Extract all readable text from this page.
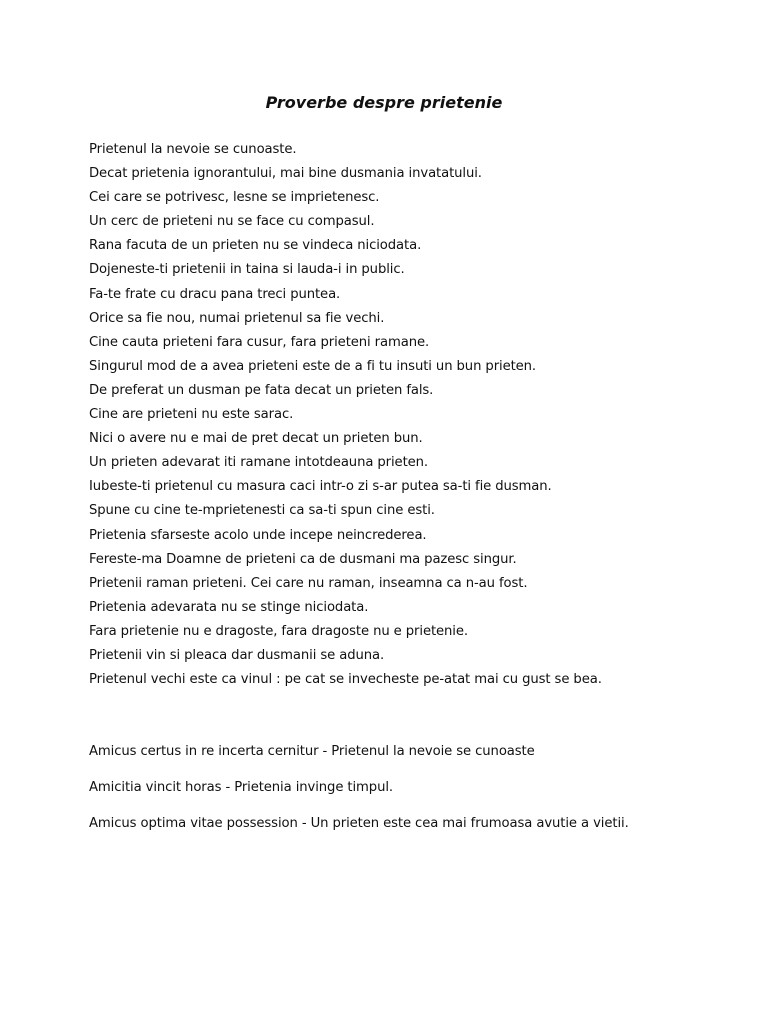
Proverbe despre prietenie
Prietenul la nevoie se cunoaste.
Decat prietenia ignorantului, mai bine dusmania invatatului.
Cei care se potrivesc, lesne se imprietenesc.
Un cerc de prieteni nu se face cu compasul.
Rana facuta de un prieten nu se vindeca niciodata.
Dojeneste-ti prietenii in taina si lauda-i in public.
Fa-te frate cu dracu pana treci puntea.
Orice sa fie nou, numai prietenul sa fie vechi.
Cine cauta prieteni fara cusur, fara prieteni ramane.
Singurul mod de a avea prieteni este de a fi tu insuti un bun prieten.
De preferat un dusman pe fata decat un prieten fals.
Cine are prieteni nu este sarac.
Nici o avere nu e mai de pret decat un prieten bun.
Un prieten adevarat iti ramane intotdeauna prieten.
Iubeste-ti prietenul cu masura caci intr-o zi s-ar putea sa-ti fie dusman.
Spune cu cine te-mprietenesti ca sa-ti spun cine esti.
Prietenia sfarseste acolo unde incepe neincrederea.
Fereste-ma Doamne de prieteni ca de dusmani ma pazesc singur.
Prietenii raman prieteni. Cei care nu raman, inseamna ca n-au fost.
Prietenia adevarata nu se stinge niciodata.
Fara prietenie nu e dragoste, fara dragoste nu e prietenie.
Prietenii vin si pleaca dar dusmanii se aduna.
Prietenul vechi este ca vinul : pe cat se invecheste pe-atat mai cu gust se bea.
Amicus certus in re incerta cernitur - Prietenul la nevoie se cunoaste
Amicitia vincit horas - Prietenia invinge timpul.
Amicus optima vitae possession - Un prieten este cea mai frumoasa avutie a vietii.
